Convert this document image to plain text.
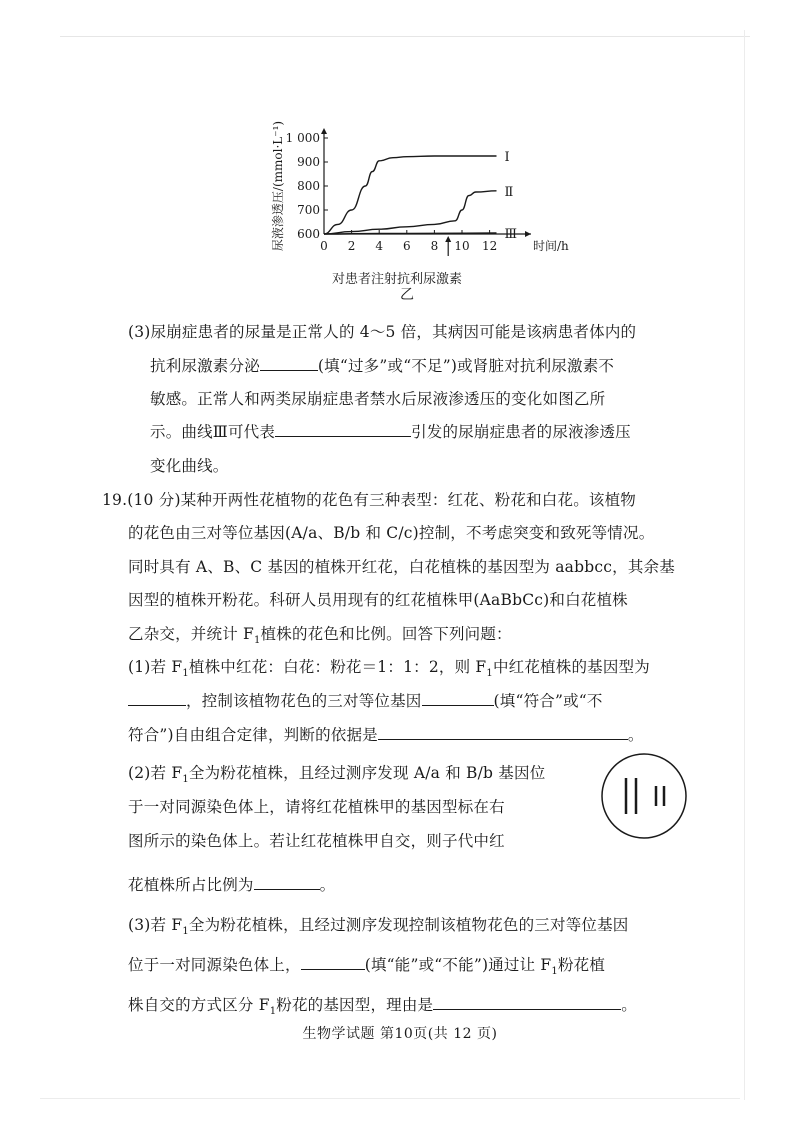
600
700
800
900
1 000
0 2 4 6 8 10 12
Ⅰ
Ⅱ
Ⅲ
时间/h
尿液渗透压/(mmol·L⁻¹)
对患者注射抗利尿激素
乙
(3)尿崩症患者的尿量是正常人的 4～5 倍，其病因可能是该病患者体内的
抗利尿激素分泌	(填“过多”或“不足”)或肾脏对抗利尿激素不
敏感。正常人和两类尿崩症患者禁水后尿液渗透压的变化如图乙所
示。曲线Ⅲ可代表	引发的尿崩症患者的尿液渗透压
变化曲线。
19.(10 分)某种开两性花植物的花色有三种表型：红花、粉花和白花。该植物
的花色由三对等位基因(A/a、B/b 和 C/c)控制，不考虑突变和致死等情况。
同时具有 A、B、C 基因的植株开红花，白花植株的基因型为 aabbcc，其余基
因型的植株开粉花。科研人员用现有的红花植株甲(AaBbCc)和白花植株
乙杂交，并统计 $F_1$植株的花色和比例。回答下列问题：
(1)若 $F_1$植株中红花：白花：粉花＝1：1：2，则 $F_1$中红花植株的基因型为
，控制该植物花色的三对等位基因	(填“符合”或“不
符合”)自由组合定律，判断的依据是	。
(2)若 $F_1$全为粉花植株，且经过测序发现 A/a 和 B/b 基因位
于一对同源染色体上，请将红花植株甲的基因型标在右
图所示的染色体上。若让红花植株甲自交，则子代中红
花植株所占比例为	。
(3)若 $F_1$全为粉花植株，且经过测序发现控制该植物花色的三对等位基因
位于一对同源染色体上，	(填“能”或“不能”)通过让 $F_1$粉花植
株自交的方式区分 $F_1$粉花的基因型，理由是	。
生物学试题 第10页(共 12 页)
